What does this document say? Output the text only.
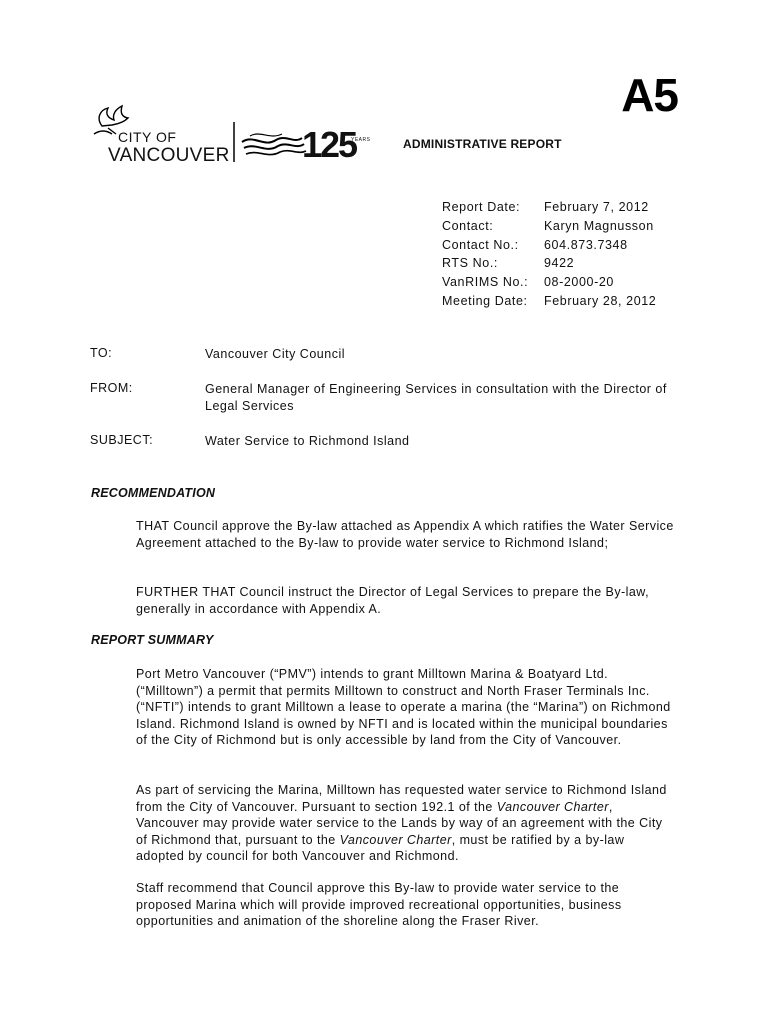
A5
CITY OF
VANCOUVER 125
YEARS	ADMINISTRATIVE REPORT
Report Date:	February 7, 2012
Contact:	Karyn Magnusson
Contact No.:	604.873.7348
RTS No.:	9422
VanRIMS No.:	08-2000-20
Meeting Date:	February 28, 2012
TO:	Vancouver City Council
FROM:	General Manager of Engineering Services in consultation with the Director of Legal Services
SUBJECT:	Water Service to Richmond Island
RECOMMENDATION
THAT Council approve the By-law attached as Appendix A which ratifies the Water Service Agreement attached to the By-law to provide water service to Richmond Island;
FURTHER THAT Council instruct the Director of Legal Services to prepare the By-law, generally in accordance with Appendix A.
REPORT SUMMARY
Port Metro Vancouver (“PMV”) intends to grant Milltown Marina & Boatyard Ltd. (“Milltown”) a permit that permits Milltown to construct and North Fraser Terminals Inc. (“NFTI”) intends to grant Milltown a lease to operate a marina (the “Marina”) on Richmond Island. Richmond Island is owned by NFTI and is located within the municipal boundaries of the City of Richmond but is only accessible by land from the City of Vancouver.
As part of servicing the Marina, Milltown has requested water service to Richmond Island from the City of Vancouver. Pursuant to section 192.1 of the Vancouver Charter, Vancouver may provide water service to the Lands by way of an agreement with the City of Richmond that, pursuant to the Vancouver Charter, must be ratified by a by-law adopted by council for both Vancouver and Richmond.
Staff recommend that Council approve this By-law to provide water service to the proposed Marina which will provide improved recreational opportunities, business opportunities and animation of the shoreline along the Fraser River.
